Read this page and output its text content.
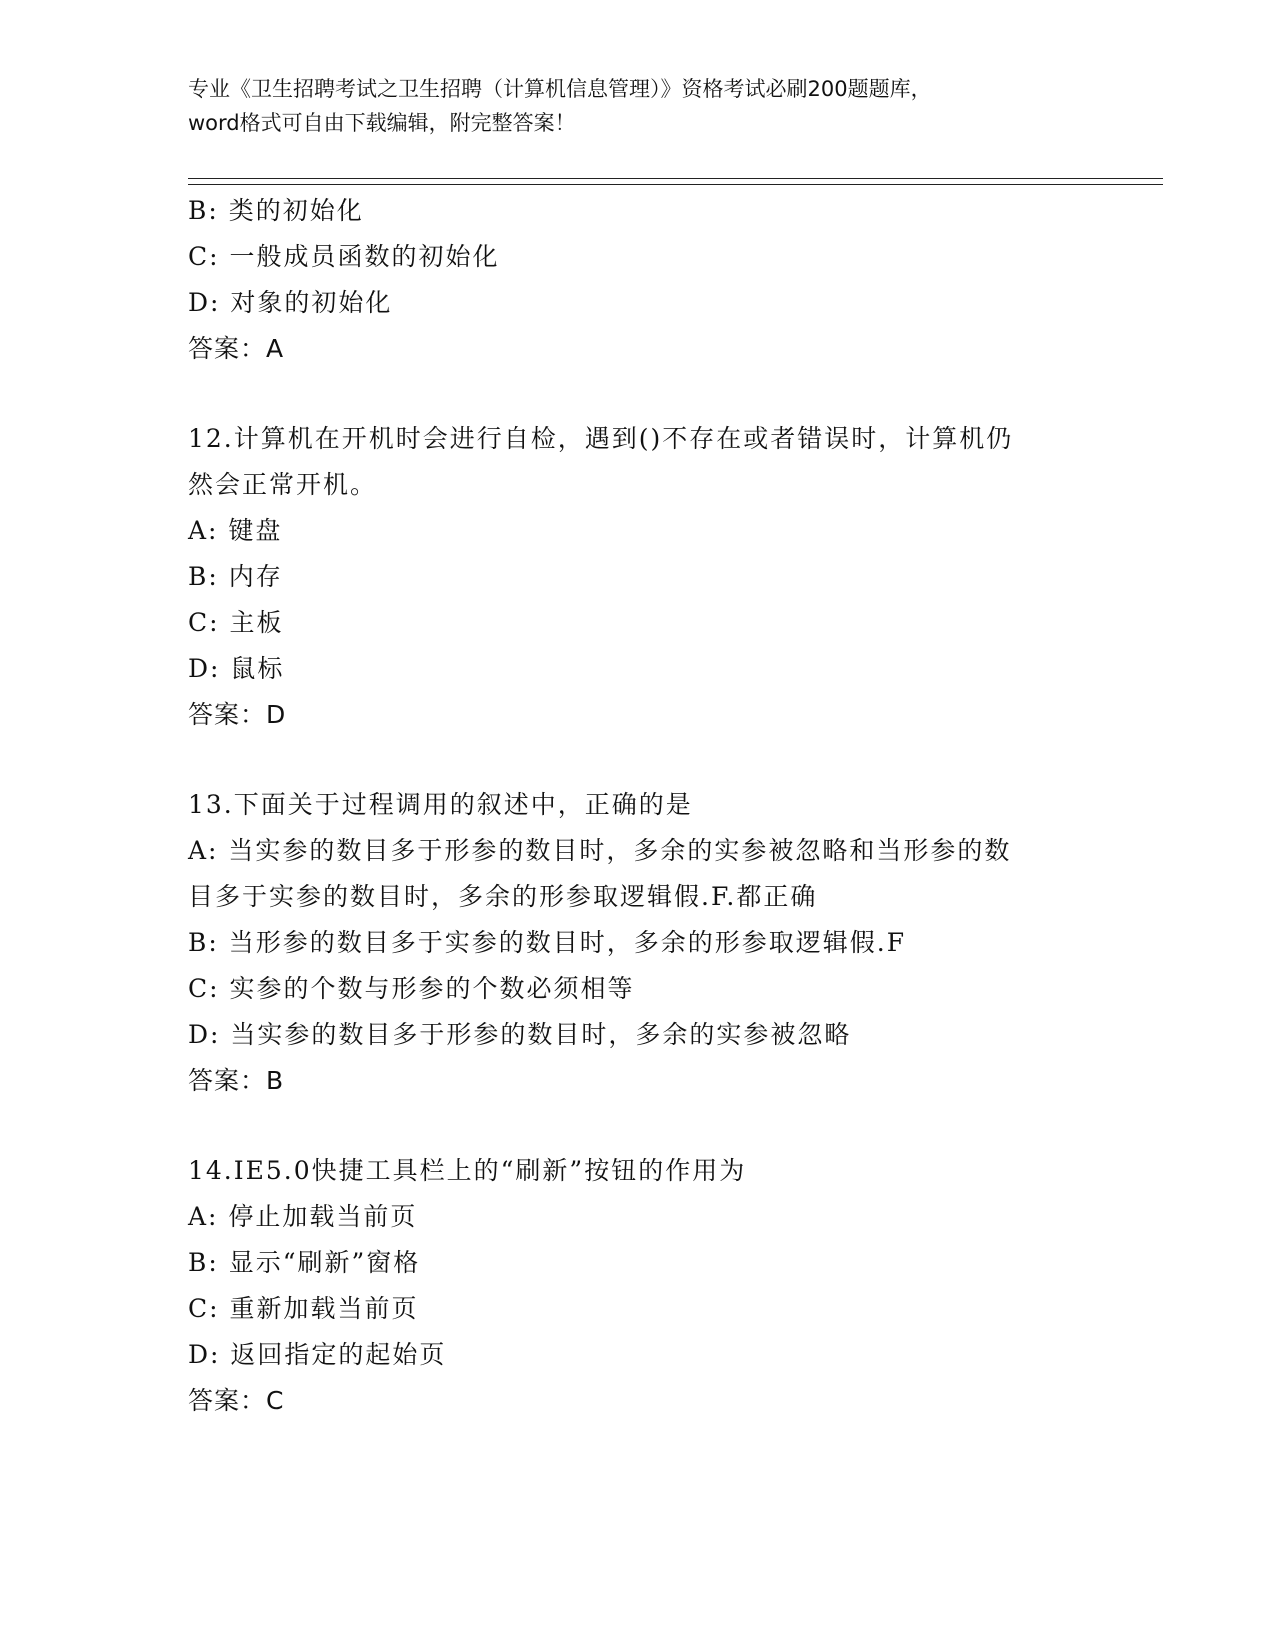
专业《卫生招聘考试之卫生招聘（计算机信息管理）》资格考试必刷200题题库，
word格式可自由下载编辑，附完整答案！
B: 类的初始化
C: 一般成员函数的初始化
D: 对象的初始化
答案：A
12.计算机在开机时会进行自检，遇到()不存在或者错误时，计算机仍
然会正常开机。
A: 键盘
B: 内存
C: 主板
D: 鼠标
答案：D
13.下面关于过程调用的叙述中，正确的是
A: 当实参的数目多于形参的数目时，多余的实参被忽略和当形参的数
目多于实参的数目时，多余的形参取逻辑假.F.都正确
B: 当形参的数目多于实参的数目时，多余的形参取逻辑假.F
C: 实参的个数与形参的个数必须相等
D: 当实参的数目多于形参的数目时，多余的实参被忽略
答案：B
14.IE5.0快捷工具栏上的“刷新”按钮的作用为
A: 停止加载当前页
B: 显示“刷新”窗格
C: 重新加载当前页
D: 返回指定的起始页
答案：C
